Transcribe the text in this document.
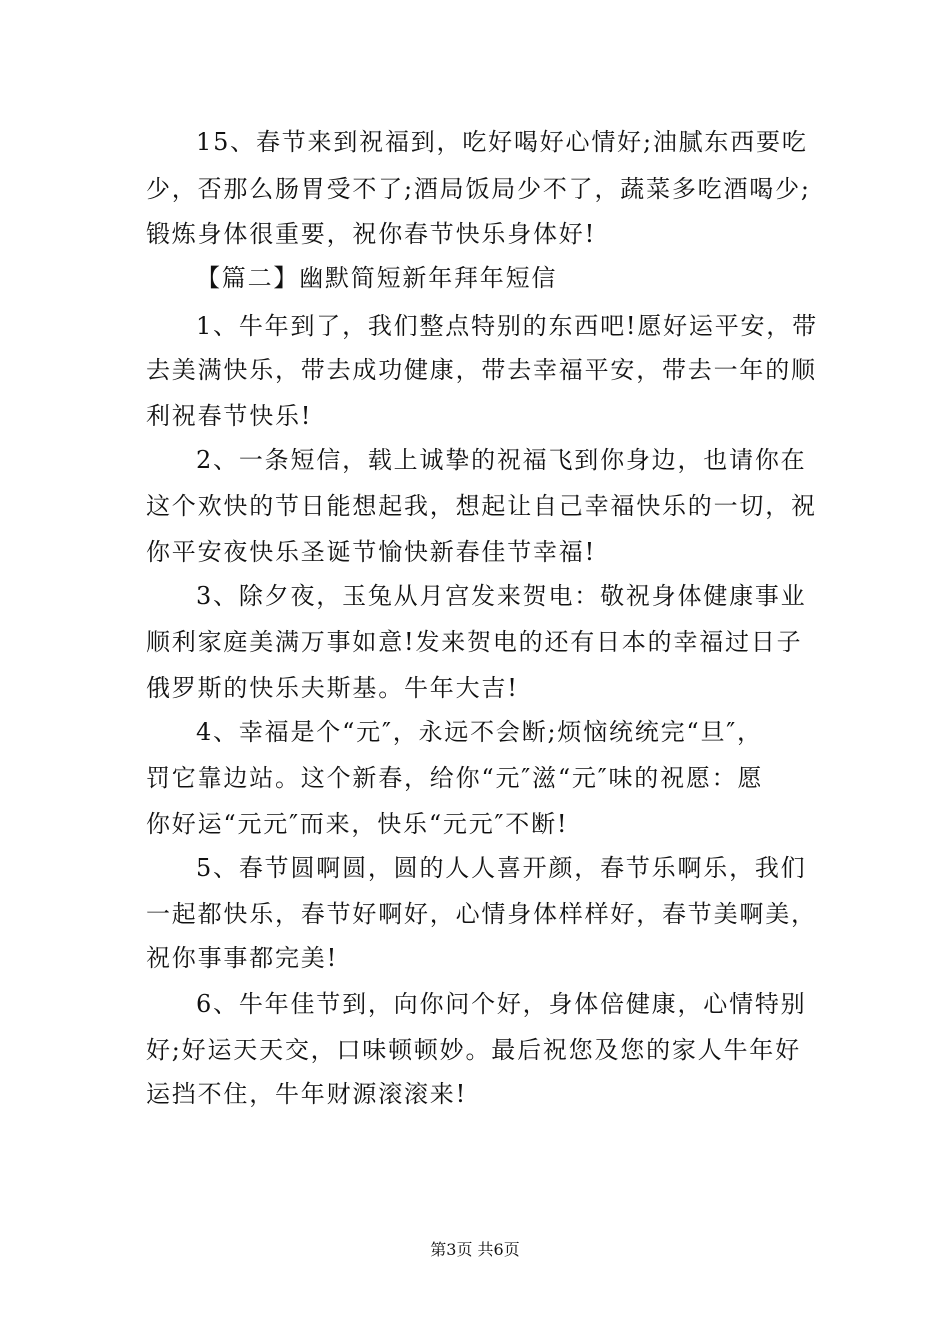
15、春节来到祝福到，吃好喝好心情好;油腻东西要吃
少，否那么肠胃受不了;酒局饭局少不了，蔬菜多吃酒喝少;
锻炼身体很重要，祝你春节快乐身体好!
【篇二】幽默简短新年拜年短信
1、牛年到了，我们整点特别的东西吧!愿好运平安，带
去美满快乐，带去成功健康，带去幸福平安，带去一年的顺
利祝春节快乐!
2、一条短信，载上诚挚的祝福飞到你身边，也请你在
这个欢快的节日能想起我，想起让自己幸福快乐的一切，祝
你平安夜快乐圣诞节愉快新春佳节幸福!
3、除夕夜，玉兔从月宫发来贺电：敬祝身体健康事业
顺利家庭美满万事如意!发来贺电的还有日本的幸福过日子
俄罗斯的快乐夫斯基。牛年大吉!
4、幸福是个“元″，永远不会断;烦恼统统完“旦″，
罚它靠边站。这个新春，给你“元″滋“元″味的祝愿：愿
你好运“元元″而来，快乐“元元″不断!
5、春节圆啊圆，圆的人人喜开颜，春节乐啊乐，我们
一起都快乐，春节好啊好，心情身体样样好，春节美啊美，
祝你事事都完美!
6、牛年佳节到，向你问个好，身体倍健康，心情特别
好;好运天天交，口味顿顿妙。最后祝您及您的家人牛年好
运挡不住，牛年财源滚滚来!
第3页 共6页
